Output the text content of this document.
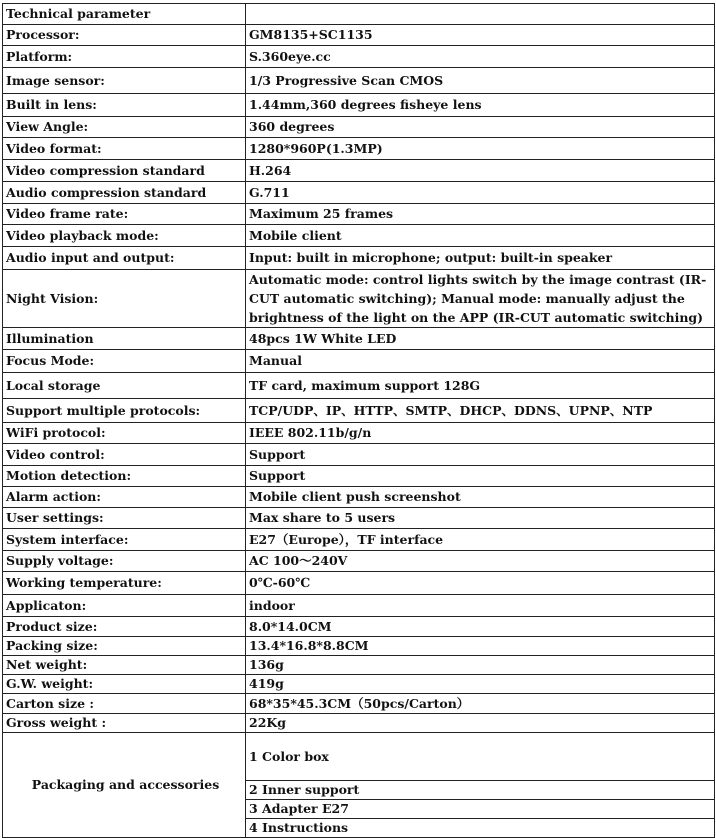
Technical parameter	
Processor:	GM8135+SC1135
Platform:	S.360eye.cc
Image sensor:	1/3 Progressive Scan CMOS
Built in lens:	1.44mm,360 degrees fisheye lens
View Angle:	360 degrees
Video format:	1280*960P(1.3MP)
Video compression standard	H.264
Audio compression standard	G.711
Video frame rate:	Maximum 25 frames
Video playback mode:	Mobile client
Audio input and output:	Input: built in microphone; output: built-in speaker
Night Vision:	Automatic mode: control lights switch by the image contrast (IR-CUT automatic switching); Manual mode: manually adjust the brightness of the light on the APP (IR-CUT automatic switching)
Illumination	48pcs 1W White LED
Focus Mode:	Manual
Local storage	TF card, maximum support 128G
Support multiple protocols:	TCP/UDP、IP、HTTP、SMTP、DHCP、DDNS、UPNP、NTP
WiFi protocol:	IEEE 802.11b/g/n
Video control:	Support
Motion detection:	Support
Alarm action:	Mobile client push screenshot
User settings:	Max share to 5 users
System interface:	E27（Europe），TF interface
Supply voltage:	AC 100～240V
Working temperature:	0℃-60℃
Applicaton:	indoor
Product size:	8.0*14.0CM
Packing size:	13.4*16.8*8.8CM
Net weight:	136g
G.W. weight:	419g
Carton size :	68*35*45.3CM（50pcs/Carton）
Gross weight :	22Kg
Packaging and accessories	1 Color box
	2 Inner support
	3 Adapter E27
	4 Instructions
